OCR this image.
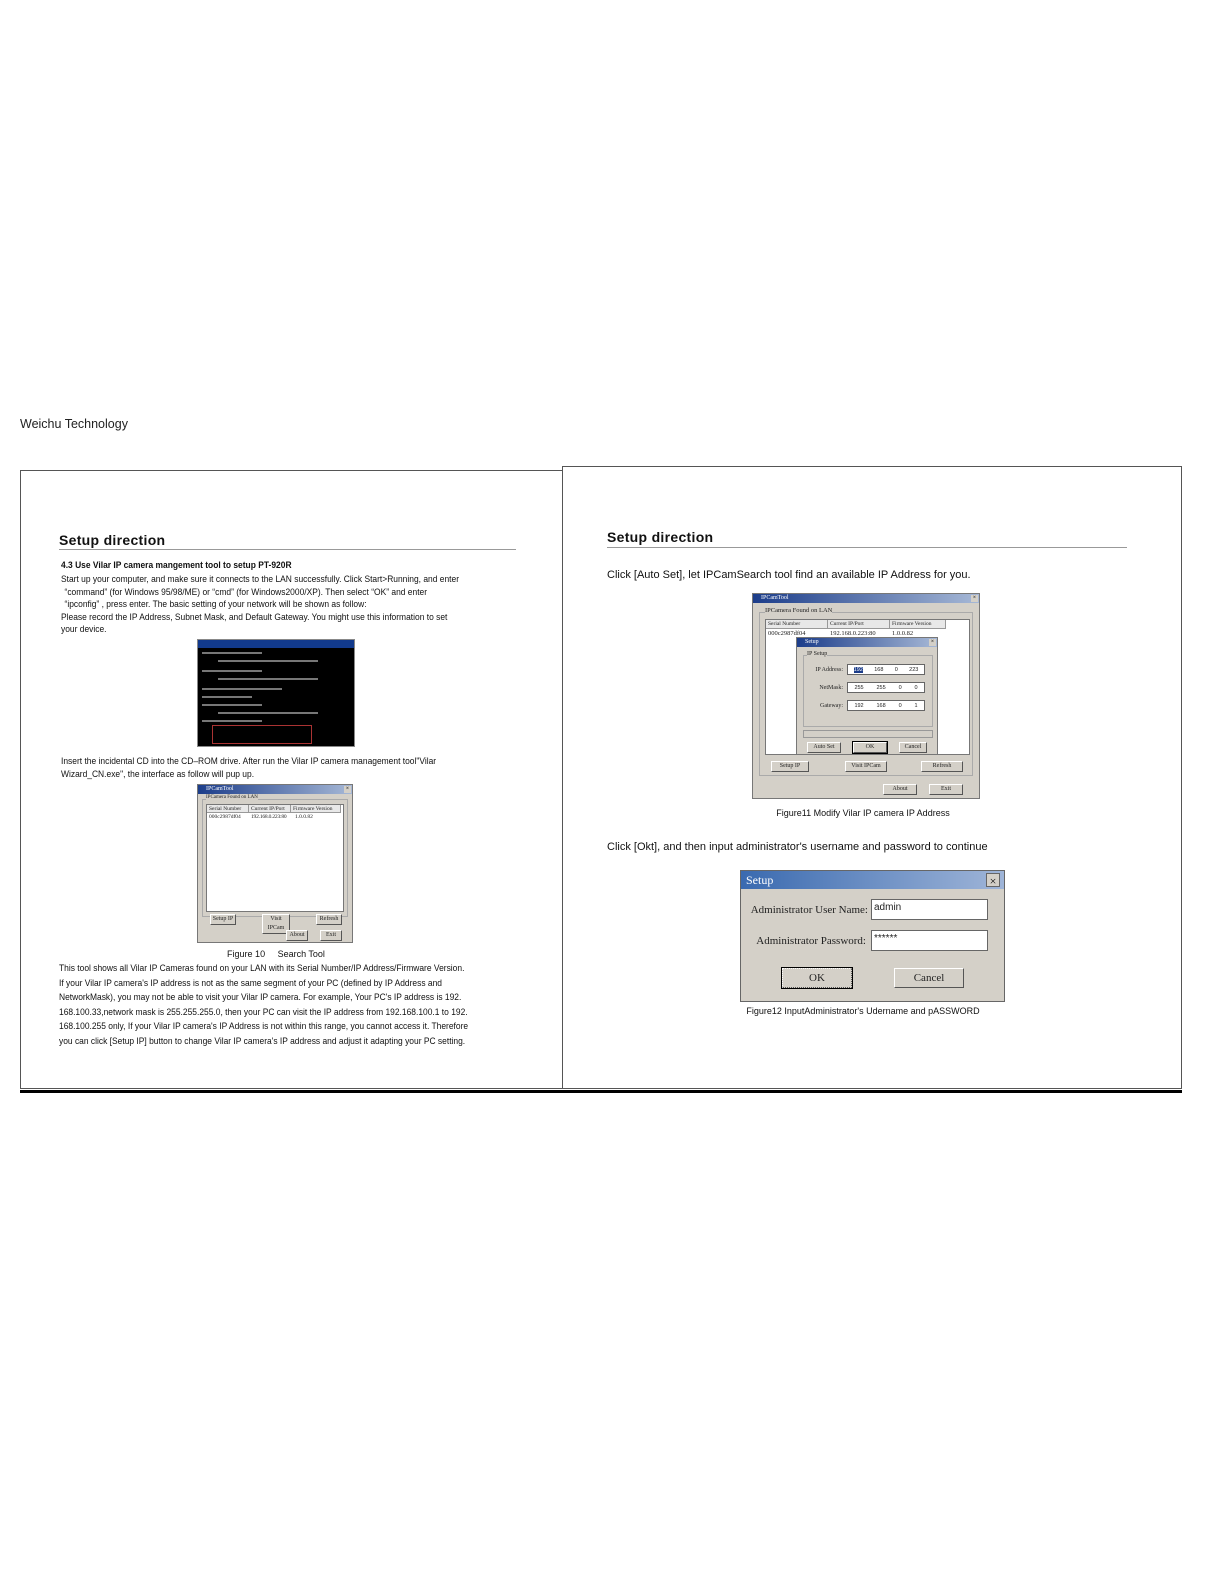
Weichu Technology
Setup direction
4.3 Use Vilar IP camera mangement tool to setup PT-920R
Start up your computer, and make sure it connects to the LAN successfully. Click Start>Running, and enter
“command” (for Windows 95/98/ME) or “cmd” (for Windows2000/XP). Then select “OK” and enter
“ipconfig” , press enter. The basic setting of your network will be shown as follow:
Please record the IP Address, Subnet Mask, and Default Gateway. You might use this information to set
your device.
Insert the incidental CD into the CD–ROM drive. After run the Vilar IP camera management tool"Vilar
Wizard_CN.exe", the interface as follow will pup up.
IPCamTool	×
IPCamera Found on LAN
Serial Number	Current IP/Port	Firmware Version
000c2987df04 192.168.0.223:80 1.0.0.82
Setup IP	Visit IPCam
Refresh
About	Exit
Figure 10     Search Tool
This tool shows all Vilar IP Cameras found on your LAN with its Serial Number/IP Address/Firmware Version.
If your Vilar IP camera's IP address is not as the same segment of your PC (defined by IP Address and
NetworkMask), you may not be able to visit your Vilar IP camera. For example, Your PC's IP address is 192.
168.100.33,network mask is 255.255.255.0, then your PC can visit the IP address from 192.168.100.1 to 192.
168.100.255 only, If your Vilar IP camera's IP Address is not within this range, you cannot access it. Therefore
you can click [Setup IP] button to change Vilar IP camera's IP address and adjust it adapting your PC setting.
Setup direction
Click [Auto Set], let IPCamSearch tool find an available IP Address for you.
IPCamTool	×
IPCamera Found on LAN
Serial Number	Current IP/Port	Firmware Version
000c2987df04	192.168.0.223:80	1.0.0.82
Setup	×
IP Setup
IP Address: 192 168 0 223
NetMask: 255 255 0 0
Gateway: 192 168 0 1
Auto Set	OK	Cancel
Setup IP	Visit IPCam	Refresh
About	Exit
Figure11 Modify Vilar IP camera IP Address
Click [Okt], and then input administrator's username and password to continue
Setup	×
Administrator User Name: admin
Administrator Password: ******
OK	Cancel
Figure12 InputAdministrator's Udername and pASSWORD
